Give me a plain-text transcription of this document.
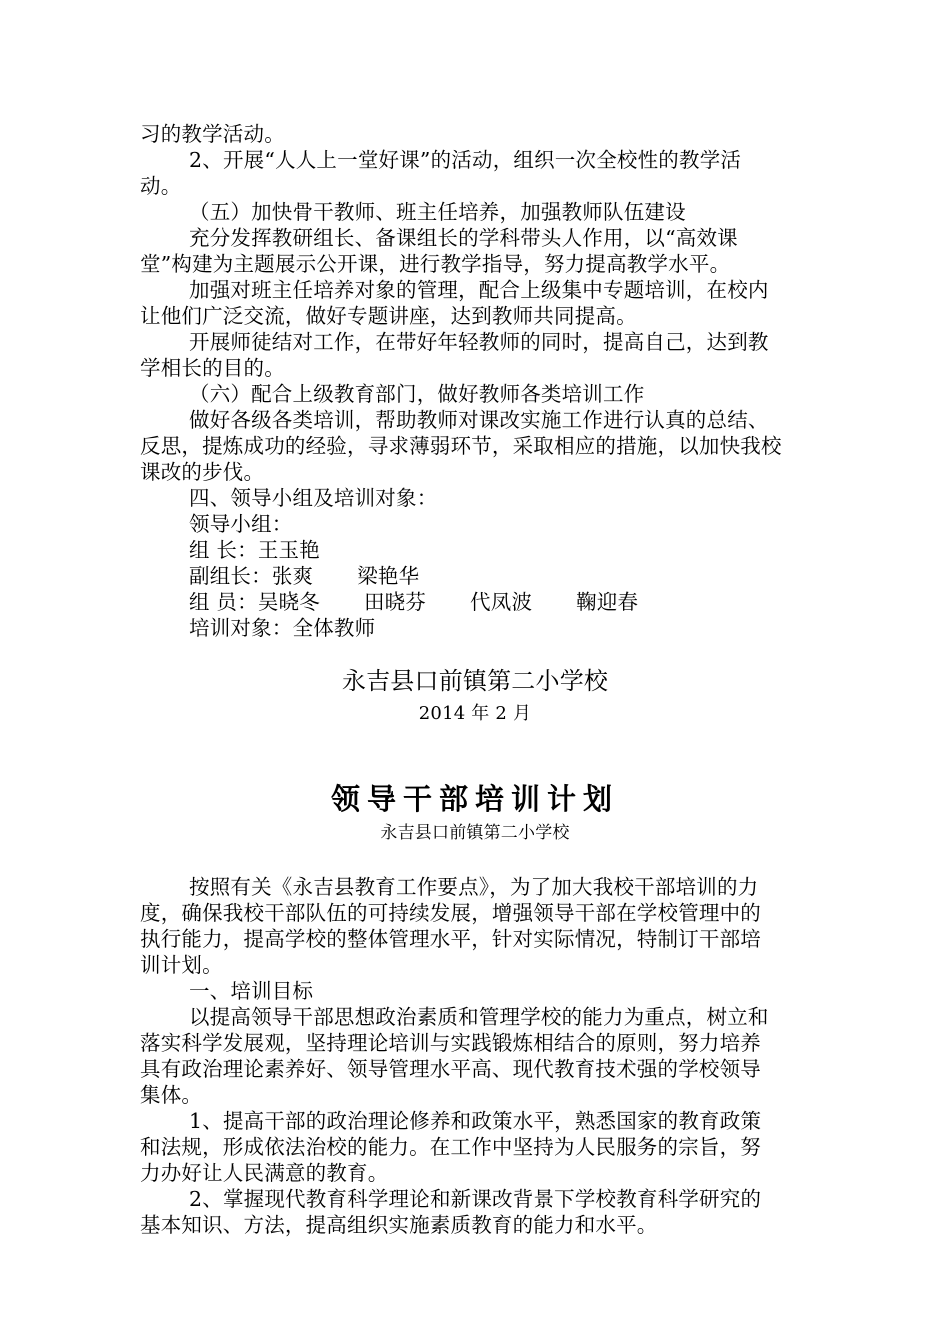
习的教学活动。
2、开展“人人上一堂好课”的活动，组织一次全校性的教学活
动。
（五）加快骨干教师、班主任培养，加强教师队伍建设
充分发挥教研组长、备课组长的学科带头人作用，以“高效课
堂”构建为主题展示公开课，进行教学指导，努力提高教学水平。
加强对班主任培养对象的管理，配合上级集中专题培训，在校内
让他们广泛交流，做好专题讲座，达到教师共同提高。
开展师徒结对工作，在带好年轻教师的同时，提高自己，达到教
学相长的目的。
（六）配合上级教育部门，做好教师各类培训工作
做好各级各类培训，帮助教师对课改实施工作进行认真的总结、
反思，提炼成功的经验，寻求薄弱环节，采取相应的措施，以加快我校
课改的步伐。
四、领导小组及培训对象：
领导小组：
组 长：王玉艳
副组长：张爽 梁艳华
组 员：吴晓冬 田晓芬 代凤波 鞠迎春
培训对象：全体教师
永吉县口前镇第二小学校
2014 年 2 月
领导干部培训计划
永吉县口前镇第二小学校
按照有关《永吉县教育工作要点》，为了加大我校干部培训的力
度，确保我校干部队伍的可持续发展，增强领导干部在学校管理中的
执行能力，提高学校的整体管理水平，针对实际情况，特制订干部培
训计划。
一、培训目标
以提高领导干部思想政治素质和管理学校的能力为重点，树立和
落实科学发展观，坚持理论培训与实践锻炼相结合的原则，努力培养
具有政治理论素养好、领导管理水平高、现代教育技术强的学校领导
集体。
1、提高干部的政治理论修养和政策水平，熟悉国家的教育政策
和法规，形成依法治校的能力。在工作中坚持为人民服务的宗旨，努
力办好让人民满意的教育。
2、掌握现代教育科学理论和新课改背景下学校教育科学研究的
基本知识、方法，提高组织实施素质教育的能力和水平。
